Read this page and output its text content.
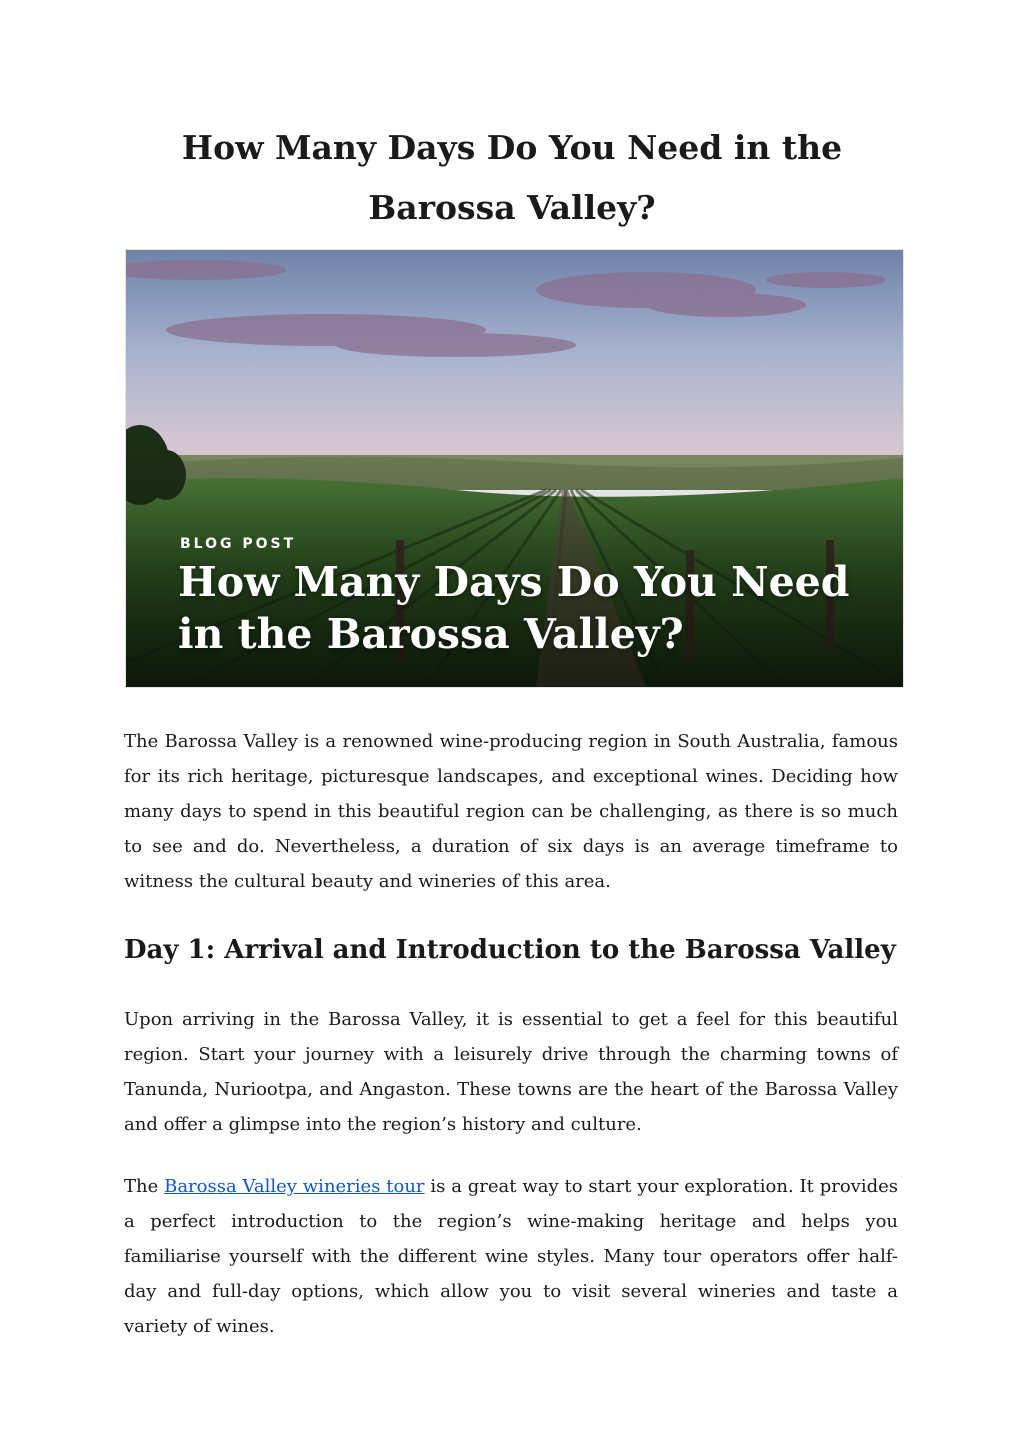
How Many Days Do You Need in the Barossa Valley?
BLOG POST
How Many Days Do You Need in the Barossa Valley?

The Barossa Valley is a renowned wine-producing region in South Australia, famous for its rich heritage, picturesque landscapes, and exceptional wines. Deciding how many days to spend in this beautiful region can be challenging, as there is so much to see and do. Nevertheless, a duration of six days is an average timeframe to witness the cultural beauty and wineries of this area.

Day 1: Arrival and Introduction to the Barossa Valley

Upon arriving in the Barossa Valley, it is essential to get a feel for this beautiful region. Start your journey with a leisurely drive through the charming towns of Tanunda, Nuriootpa, and Angaston. These towns are the heart of the Barossa Valley and offer a glimpse into the region’s history and culture.

The Barossa Valley wineries tour is a great way to start your exploration. It provides a perfect introduction to the region’s wine-making heritage and helps you familiarise yourself with the different wine styles. Many tour operators offer half-day and full-day options, which allow you to visit several wineries and taste a variety of wines.
